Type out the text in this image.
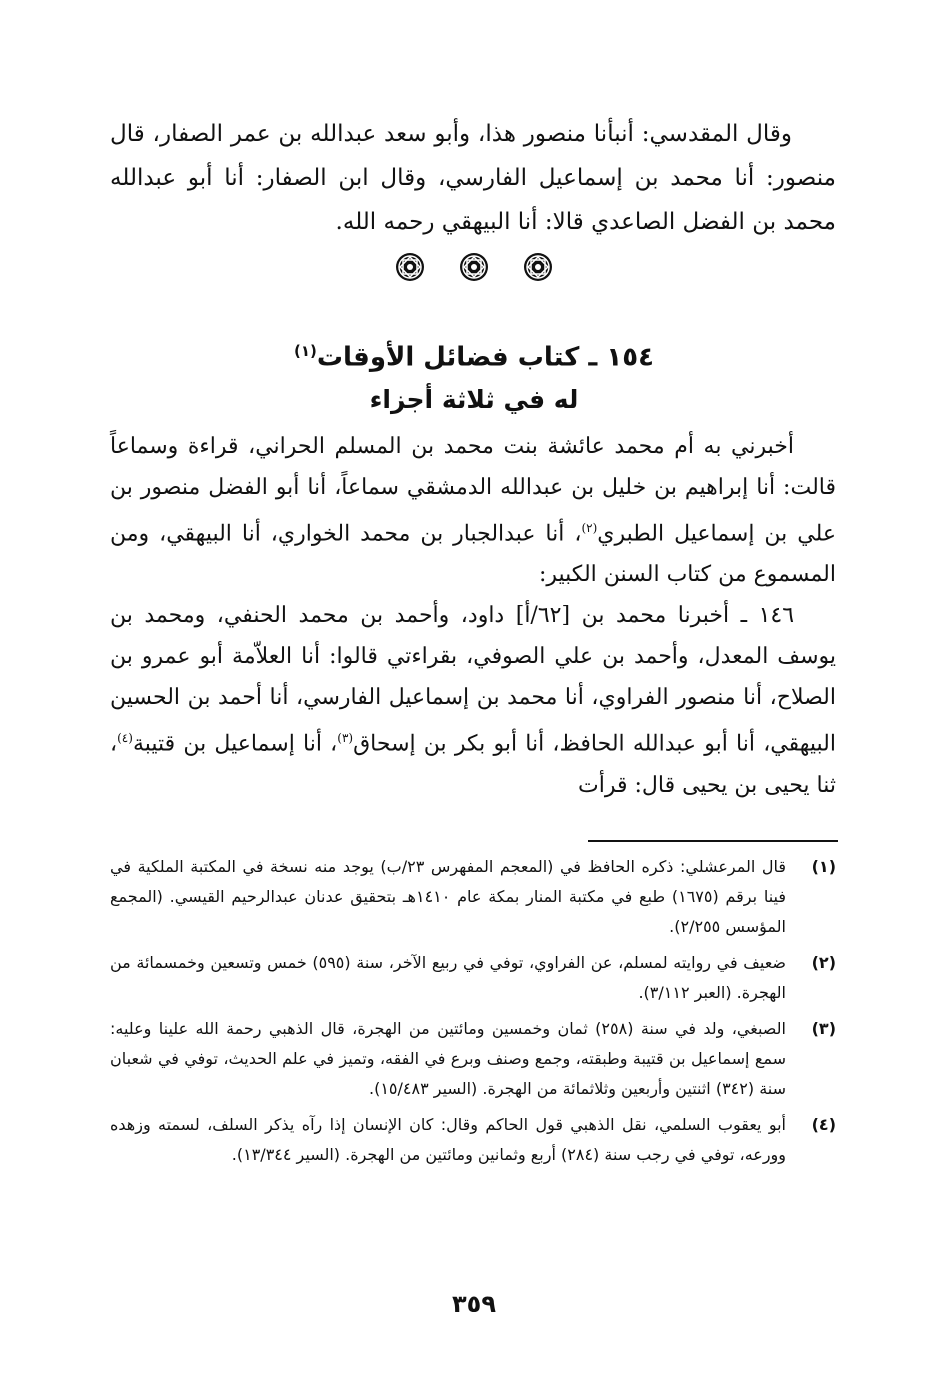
وقال المقدسي: أنبأنا منصور هذا، وأبو سعد عبدالله بن عمر الصفار، قال منصور: أنا محمد بن إسماعيل الفارسي، وقال ابن الصفار: أنا أبو عبدالله محمد بن الفضل الصاعدي قالا: أنا البيهقي رحمه الله.

١٥٤ ـ كتاب فضائل الأوقات$^{(١)}$
له في ثلاثة أجزاء

أخبرني به أم محمد عائشة بنت محمد بن المسلم الحراني، قراءة وسماعاً قالت: أنا إبراهيم بن خليل بن عبدالله الدمشقي سماعاً، أنا أبو الفضل منصور بن علي بن إسماعيل الطبري$^{(٢)}$، أنا عبدالجبار بن محمد الخواري، أنا البيهقي، ومن المسموع من كتاب السنن الكبير:

١٤٦ ـ أخبرنا محمد بن [٦٢/أ] داود، وأحمد بن محمد الحنفي، ومحمد بن يوسف المعدل، وأحمد بن علي الصوفي، بقراءتي قالوا: أنا العلاّمة أبو عمرو بن الصلاح، أنا منصور الفراوي، أنا محمد بن إسماعيل الفارسي، أنا أحمد بن الحسين البيهقي، أنا أبو عبدالله الحافظ، أنا أبو بكر بن إسحاق$^{(٣)}$، أنا إسماعيل بن قتيبة$^{(٤)}$، ثنا يحيى بن يحيى قال: قرأت

(١)
قال المرعشلي: ذكره الحافظ في (المعجم المفهرس ٢٣/ب) يوجد منه نسخة في المكتبة الملكية في فينا برقم (١٦٧٥) طبع في مكتبة المنار بمكة عام ١٤١٠هـ بتحقيق عدنان عبدالرحيم القيسي. (المجمع المؤسس ٢/٢٥٥).
(٢)
ضعيف في روايته لمسلم، عن الفراوي، توفي في ربيع الآخر، سنة (٥٩٥) خمس وتسعين وخمسمائة من الهجرة. (العبر ٣/١١٢).
(٣)
الصبغي، ولد في سنة (٢٥٨) ثمان وخمسين ومائتين من الهجرة، قال الذهبي رحمة الله علينا وعليه: سمع إسماعيل بن قتيبة وطبقته، وجمع وصنف وبرع في الفقه، وتميز في علم الحديث، توفي في شعبان سنة (٣٤٢) اثنتين وأربعين وثلاثمائة من الهجرة. (السير ١٥/٤٨٣).
(٤)
أبو يعقوب السلمي، نقل الذهبي قول الحاكم وقال: كان الإنسان إذا رآه يذكر السلف، لسمته وزهده وورعه، توفي في رجب سنة (٢٨٤) أربع وثمانين ومائتين من الهجرة. (السير ١٣/٣٤٤).
٣٥٩
